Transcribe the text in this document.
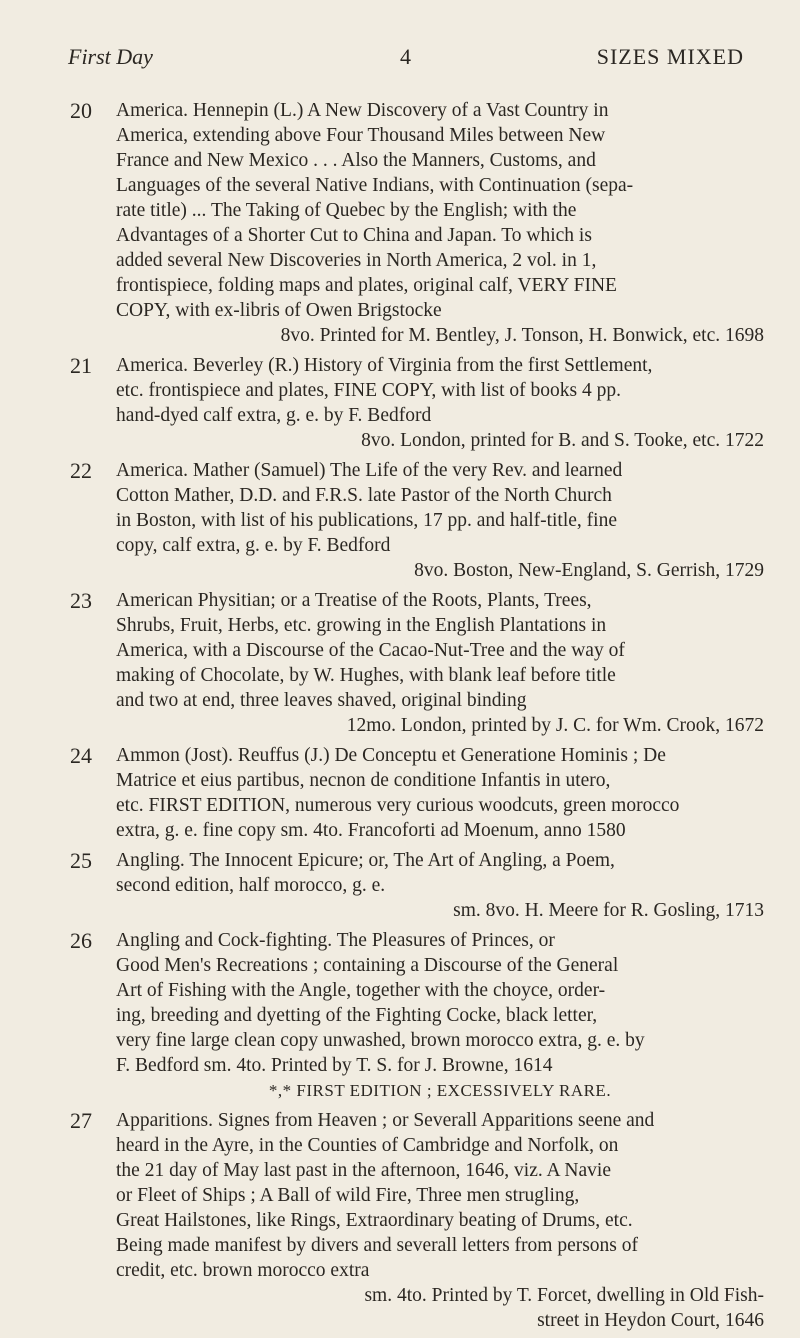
First Day	4	SIZES MIXED
20 America. Hennepin (L.) A New Discovery of a Vast Country in
America, extending above Four Thousand Miles between New
France and New Mexico . . . Also the Manners, Customs, and
Languages of the several Native Indians, with Continuation (sepa-
rate title) ... The Taking of Quebec by the English; with the
Advantages of a Shorter Cut to China and Japan. To which is
added several New Discoveries in North America, 2 vol. in 1,
frontispiece, folding maps and plates, original calf, VERY FINE
COPY, with ex-libris of Owen Brigstocke
8vo. Printed for M. Bentley, J. Tonson, H. Bonwick, etc. 1698
21 America. Beverley (R.) History of Virginia from the first Settlement,
etc. frontispiece and plates, FINE COPY, with list of books 4 pp.
hand-dyed calf extra, g. e. by F. Bedford
8vo. London, printed for B. and S. Tooke, etc. 1722
22 America. Mather (Samuel) The Life of the very Rev. and learned
Cotton Mather, D.D. and F.R.S. late Pastor of the North Church
in Boston, with list of his publications, 17 pp. and half-title, fine
copy, calf extra, g. e. by F. Bedford
8vo. Boston, New-England, S. Gerrish, 1729
23 American Physitian; or a Treatise of the Roots, Plants, Trees,
Shrubs, Fruit, Herbs, etc. growing in the English Plantations in
America, with a Discourse of the Cacao-Nut-Tree and the way of
making of Chocolate, by W. Hughes, with blank leaf before title
and two at end, three leaves shaved, original binding
12mo. London, printed by J. C. for Wm. Crook, 1672
24 Ammon (Jost). Reuffus (J.) De Conceptu et Generatione Hominis ; De
Matrice et eius partibus, necnon de conditione Infantis in utero,
etc. FIRST EDITION, numerous very curious woodcuts, green morocco
extra, g. e. fine copy sm. 4to. Francoforti ad Moenum, anno 1580
25 Angling. The Innocent Epicure; or, The Art of Angling, a Poem,
second edition, half morocco, g. e.
sm. 8vo. H. Meere for R. Gosling, 1713
26 Angling and Cock-fighting. The Pleasures of Princes, or
Good Men's Recreations ; containing a Discourse of the General
Art of Fishing with the Angle, together with the choyce, order-
ing, breeding and dyetting of the Fighting Cocke, black letter,
very fine large clean copy unwashed, brown morocco extra, g. e. by
F. Bedford sm. 4to. Printed by T. S. for J. Browne, 1614
*,* FIRST EDITION ; EXCESSIVELY RARE.
27 Apparitions. Signes from Heaven ; or Severall Apparitions seene and
heard in the Ayre, in the Counties of Cambridge and Norfolk, on
the 21 day of May last past in the afternoon, 1646, viz. A Navie
or Fleet of Ships ; A Ball of wild Fire, Three men strugling,
Great Hailstones, like Rings, Extraordinary beating of Drums, etc.
Being made manifest by divers and severall letters from persons of
credit, etc. brown morocco extra
sm. 4to. Printed by T. Forcet, dwelling in Old Fish-
street in Heydon Court, 1646
